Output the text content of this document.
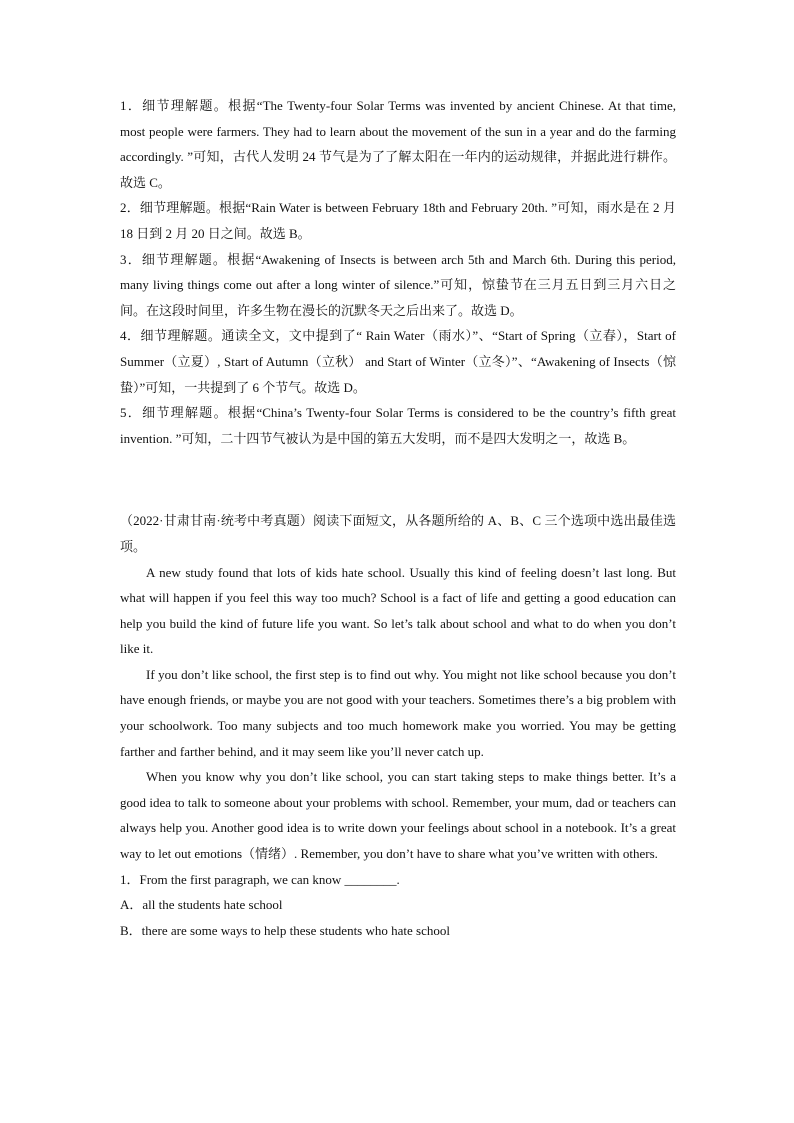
1．细节理解题。根据“The Twenty-four Solar Terms was invented by ancient Chinese. At that time, most people were farmers. They had to learn about the movement of the sun in a year and do the farming accordingly. ”可知，古代人发明 24 节气是为了了解太阳在一年内的运动规律，并据此进行耕作。故选 C。

2．细节理解题。根据“Rain Water is between February 18th and February 20th. ”可知，雨水是在 2 月 18 日到 2 月 20 日之间。故选 B。

3．细节理解题。根据“Awakening of Insects is between arch 5th and March 6th. During this period, many living things come out after a long winter of silence.”可知，惊蛰节在三月五日到三月六日之间。在这段时间里，许多生物在漫长的沉默冬天之后出来了。故选 D。

4．细节理解题。通读全文，文中提到了“ Rain Water（雨水）”、“Start of Spring（立春），Start of Summer（立夏）, Start of Autumn（立秋） and Start of Winter（立冬）”、“Awakening of Insects（惊蛰）”可知，一共提到了 6 个节气。故选 D。

5．细节理解题。根据“China’s Twenty-four Solar Terms is considered to be the country’s fifth great invention. ”可知，二十四节气被认为是中国的第五大发明，而不是四大发明之一，故选 B。

（2022·甘肃甘南·统考中考真题）阅读下面短文，从各题所给的 A、B、C 三个选项中选出最佳选项。

A new study found that lots of kids hate school. Usually this kind of feeling doesn’t last long. But what will happen if you feel this way too much? School is a fact of life and getting a good education can help you build the kind of future life you want. So let’s talk about school and what to do when you don’t like it.

If you don’t like school, the first step is to find out why. You might not like school because you don’t have enough friends, or maybe you are not good with your teachers. Sometimes there’s a big problem with your schoolwork. Too many subjects and too much homework make you worried. You may be getting farther and farther behind, and it may seem like you’ll never catch up.

When you know why you don’t like school, you can start taking steps to make things better. It’s a good idea to talk to someone about your problems with school. Remember, your mum, dad or teachers can always help you. Another good idea is to write down your feelings about school in a notebook. It’s a great way to let out emotions（情绪）. Remember, you don’t have to share what you’ve written with others.

1．From the first paragraph, we can know ________.

A．all the students hate school

B．there are some ways to help these students who hate school
